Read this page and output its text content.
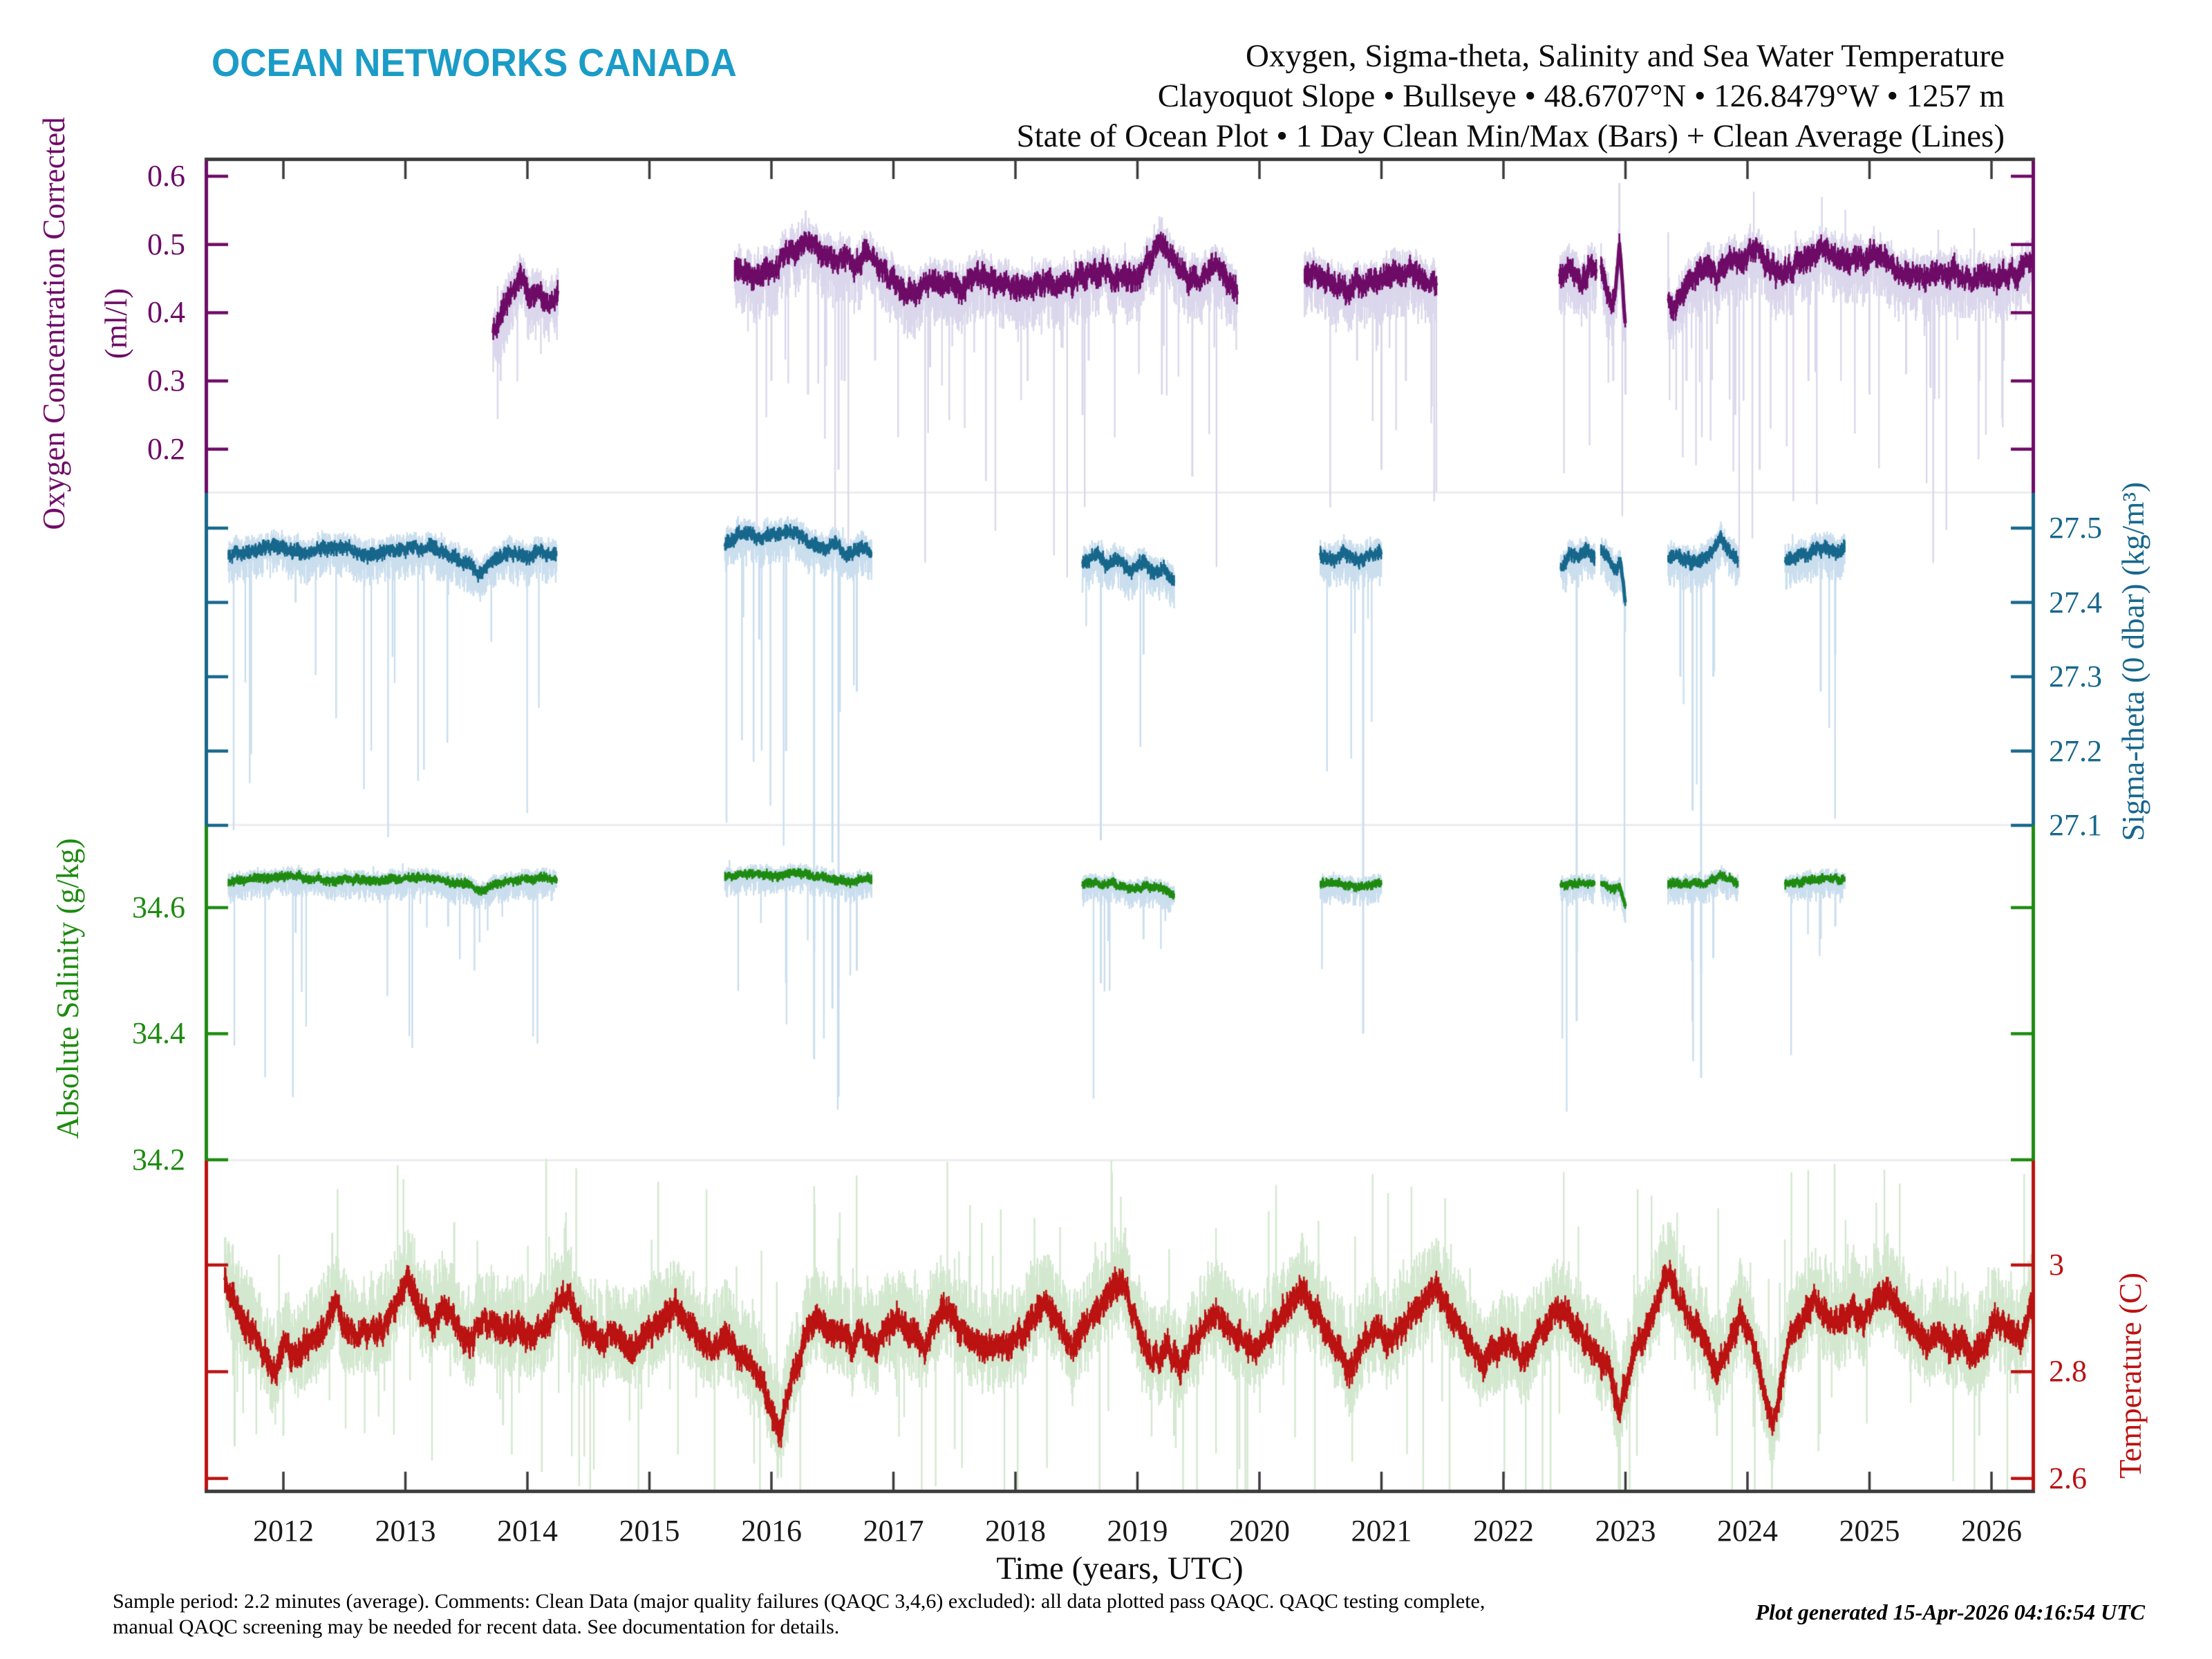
OCEAN NETWORKS CANADA	Oxygen, Sigma-theta, Salinity and Sea Water Temperature
Clayoquot Slope • Bullseye • 48.6707°N • 126.8479°W • 1257 m
State of Ocean Plot • 1 Day Clean Min/Max (Bars) + Clean Average (Lines)
Oxygen Concentration Corrected (ml/l)
Sigma-theta (0 dbar) (kg/m³)
Absolute Salinity (g/kg)
Temperature (C)
Time (years, UTC)
0.6
0.5
0.4
0.3
0.2
27.5
27.4
27.3
27.2
27.1
34.6
34.4
34.2
3
2.8
2.6
2012	2013	2014	2015	2016	2017	2018	2019	2020	2021	2022	2023	2024	2025	2026
Sample period: 2.2 minutes (average). Comments: Clean Data (major quality failures (QAQC 3,4,6) excluded): all data plotted pass QAQC. QAQC testing complete,
manual QAQC screening may be needed for recent data. See documentation for details.
Plot generated 15-Apr-2026 04:16:54 UTC
